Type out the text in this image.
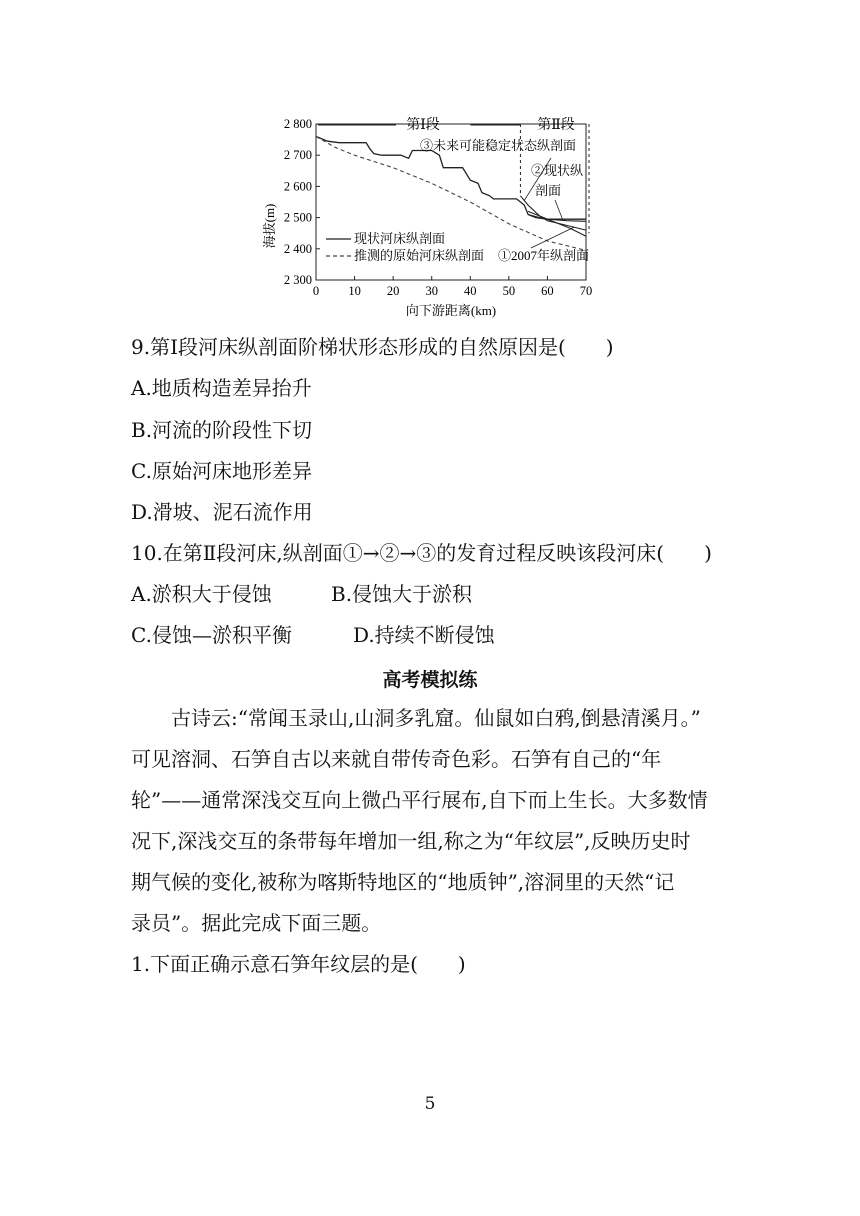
2 300
2 400
2 500
2 600
2 700
2 800
0 10 20 30 40 50 60 70
海拔(m)
向下游距离(km)
第Ⅰ段	第Ⅱ段
③未来可能稳定状态纵剖面
②现状纵
剖面
①2007年纵剖面
现状河床纵剖面
推测的原始河床纵剖面
9.第Ⅰ段河床纵剖面阶梯状形态形成的自然原因是(　　)
A.地质构造差异抬升
B.河流的阶段性下切
C.原始河床地形差异
D.滑坡、泥石流作用
10.在第Ⅱ段河床,纵剖面①→②→③的发育过程反映该段河床(　　)
A.淤积大于侵蚀	B.侵蚀大于淤积
C.侵蚀—淤积平衡	D.持续不断侵蚀
高考模拟练
　　古诗云:“常闻玉录山,山洞多乳窟。仙鼠如白鸦,倒悬清溪月。”
可见溶洞、石笋自古以来就自带传奇色彩。石笋有自己的“年
轮”——通常深浅交互向上微凸平行展布,自下而上生长。大多数情
况下,深浅交互的条带每年增加一组,称之为“年纹层”,反映历史时
期气候的变化,被称为喀斯特地区的“地质钟”,溶洞里的天然“记
录员”。据此完成下面三题。
1.下面正确示意石笋年纹层的是(　　)
5
